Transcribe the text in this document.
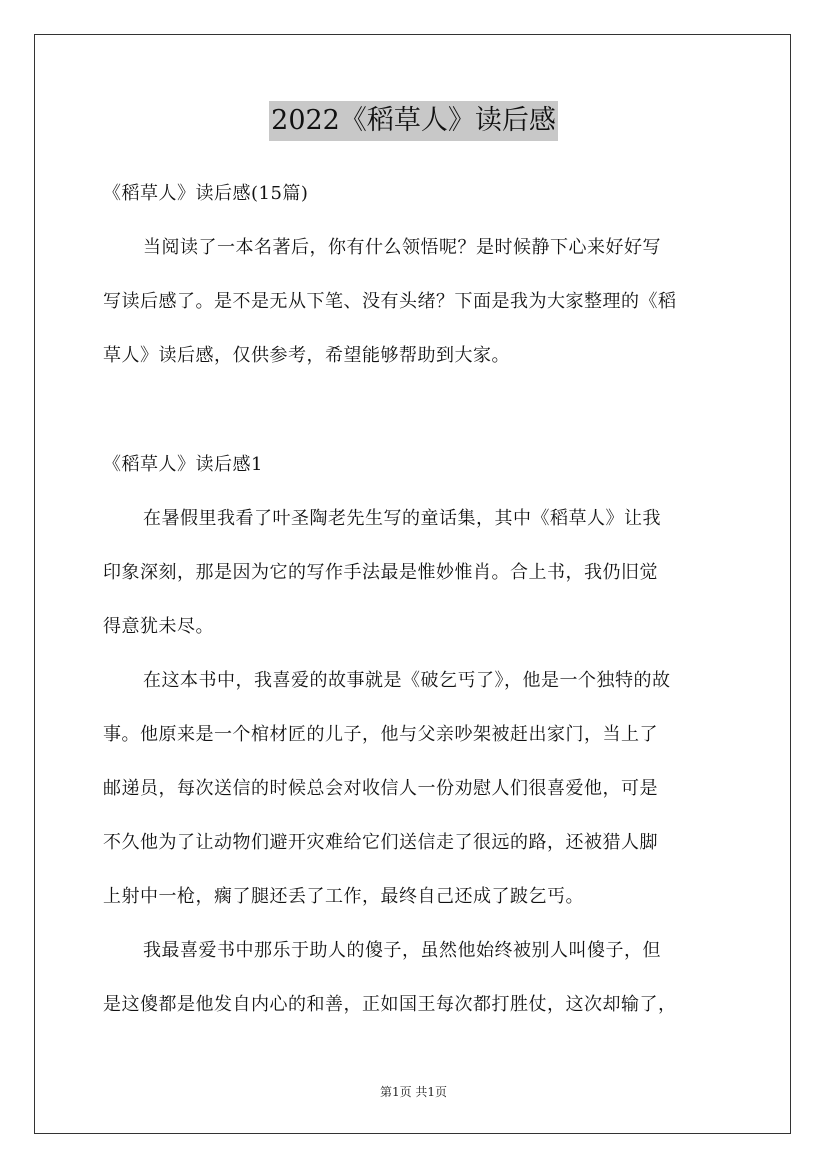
2022《稻草人》读后感
《稻草人》读后感(15篇)
当阅读了一本名著后，你有什么领悟呢？是时候静下心来好好写
写读后感了。是不是无从下笔、没有头绪？下面是我为大家整理的《稻
草人》读后感，仅供参考，希望能够帮助到大家。
《稻草人》读后感1
在暑假里我看了叶圣陶老先生写的童话集，其中《稻草人》让我
印象深刻，那是因为它的写作手法最是惟妙惟肖。合上书，我仍旧觉
得意犹未尽。
在这本书中，我喜爱的故事就是《破乞丐了》，他是一个独特的故
事。他原来是一个棺材匠的儿子，他与父亲吵架被赶出家门，当上了
邮递员，每次送信的时候总会对收信人一份劝慰人们很喜爱他，可是
不久他为了让动物们避开灾难给它们送信走了很远的路，还被猎人脚
上射中一枪，瘸了腿还丢了工作，最终自己还成了跛乞丐。
我最喜爱书中那乐于助人的傻子，虽然他始终被别人叫傻子，但
是这傻都是他发自内心的和善，正如国王每次都打胜仗，这次却输了，
第1页 共1页
